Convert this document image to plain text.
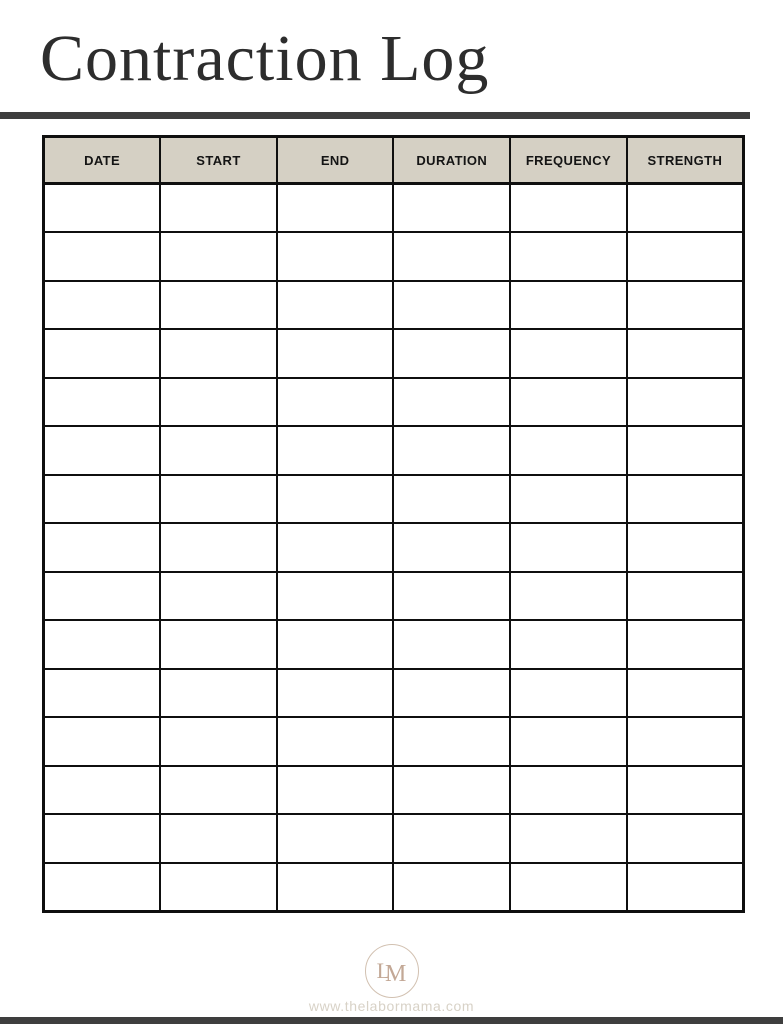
Contraction Log
DATE	START	END	DURATION	FREQUENCY	STRENGTH

LM
www.thelabormama.com
